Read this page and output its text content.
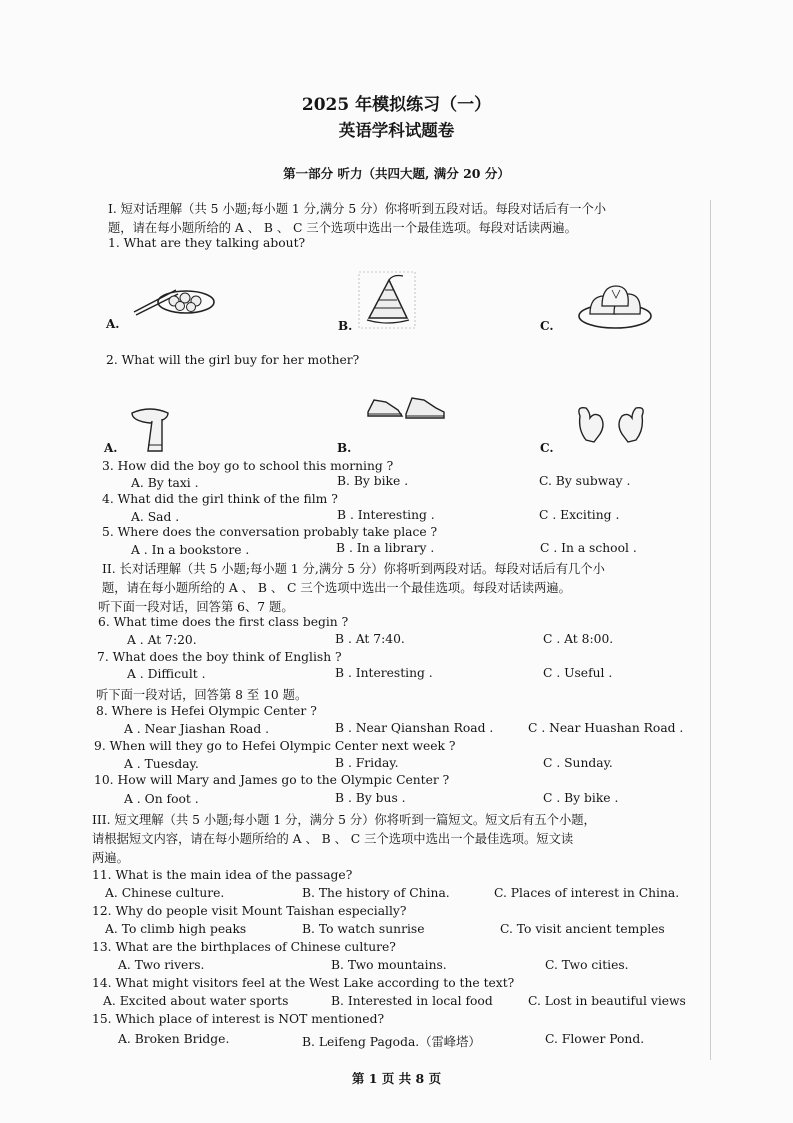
2025 年模拟练习（一）
英语学科试题卷
第一部分 听力（共四大题, 满分 20 分）
I. 短对话理解（共 5 小题;每小题 1 分,满分 5 分）你将听到五段对话。每段对话后有一个小
题，请在每小题所给的 A 、 B 、 C 三个选项中选出一个最佳选项。每段对话读两遍。
1. What are they talking about?
A.	B.	C.
2. What will the girl buy for her mother?
A.	B.	C.
3. How did the boy go to school this morning ?
A. By taxi .	B. By bike .	C. By subway .
4. What did the girl think of the film ?
A. Sad .	B . Interesting .	C . Exciting .
5. Where does the conversation probably take place ?
A . In a bookstore .	B . In a library .	C . In a school .
II. 长对话理解（共 5 小题;每小题 1 分,满分 5 分）你将听到两段对话。每段对话后有几个小
题，请在每小题所给的 A 、 B 、 C 三个选项中选出一个最佳选项。每段对话读两遍。
听下面一段对话，回答第 6、7 题。
6. What time does the first class begin ?
A . At 7:20.	B . At 7:40.	C . At 8:00.
7. What does the boy think of English ?
A . Difficult .	B . Interesting .	C . Useful .
听下面一段对话，回答第 8 至 10 题。
8. Where is Hefei Olympic Center ?
A . Near Jiashan Road .	B . Near Qianshan Road .	C . Near Huashan Road .
9. When will they go to Hefei Olympic Center next week ?
A . Tuesday.	B . Friday.	C . Sunday.
10. How will Mary and James go to the Olympic Center ?
A . On foot .	B . By bus .	C . By bike .
III. 短文理解（共 5 小题;每小题 1 分，满分 5 分）你将听到一篇短文。短文后有五个小题，
请根据短文内容，请在每小题所给的 A 、 B 、 C 三个选项中选出一个最佳选项。短文读
两遍。
11. What is the main idea of the passage?
A. Chinese culture.	B. The history of China.	C. Places of interest in China.
12. Why do people visit Mount Taishan especially?
A. To climb high peaks	B. To watch sunrise	C. To visit ancient temples
13. What are the birthplaces of Chinese culture?
A. Two rivers.	B. Two mountains.	C. Two cities.
14. What might visitors feel at the West Lake according to the text?
A. Excited about water sports	B. Interested in local food	C. Lost in beautiful views
15. Which place of interest is NOT mentioned?
A. Broken Bridge.	B. Leifeng Pagoda.（雷峰塔）	C. Flower Pond.
第 1 页 共 8 页
